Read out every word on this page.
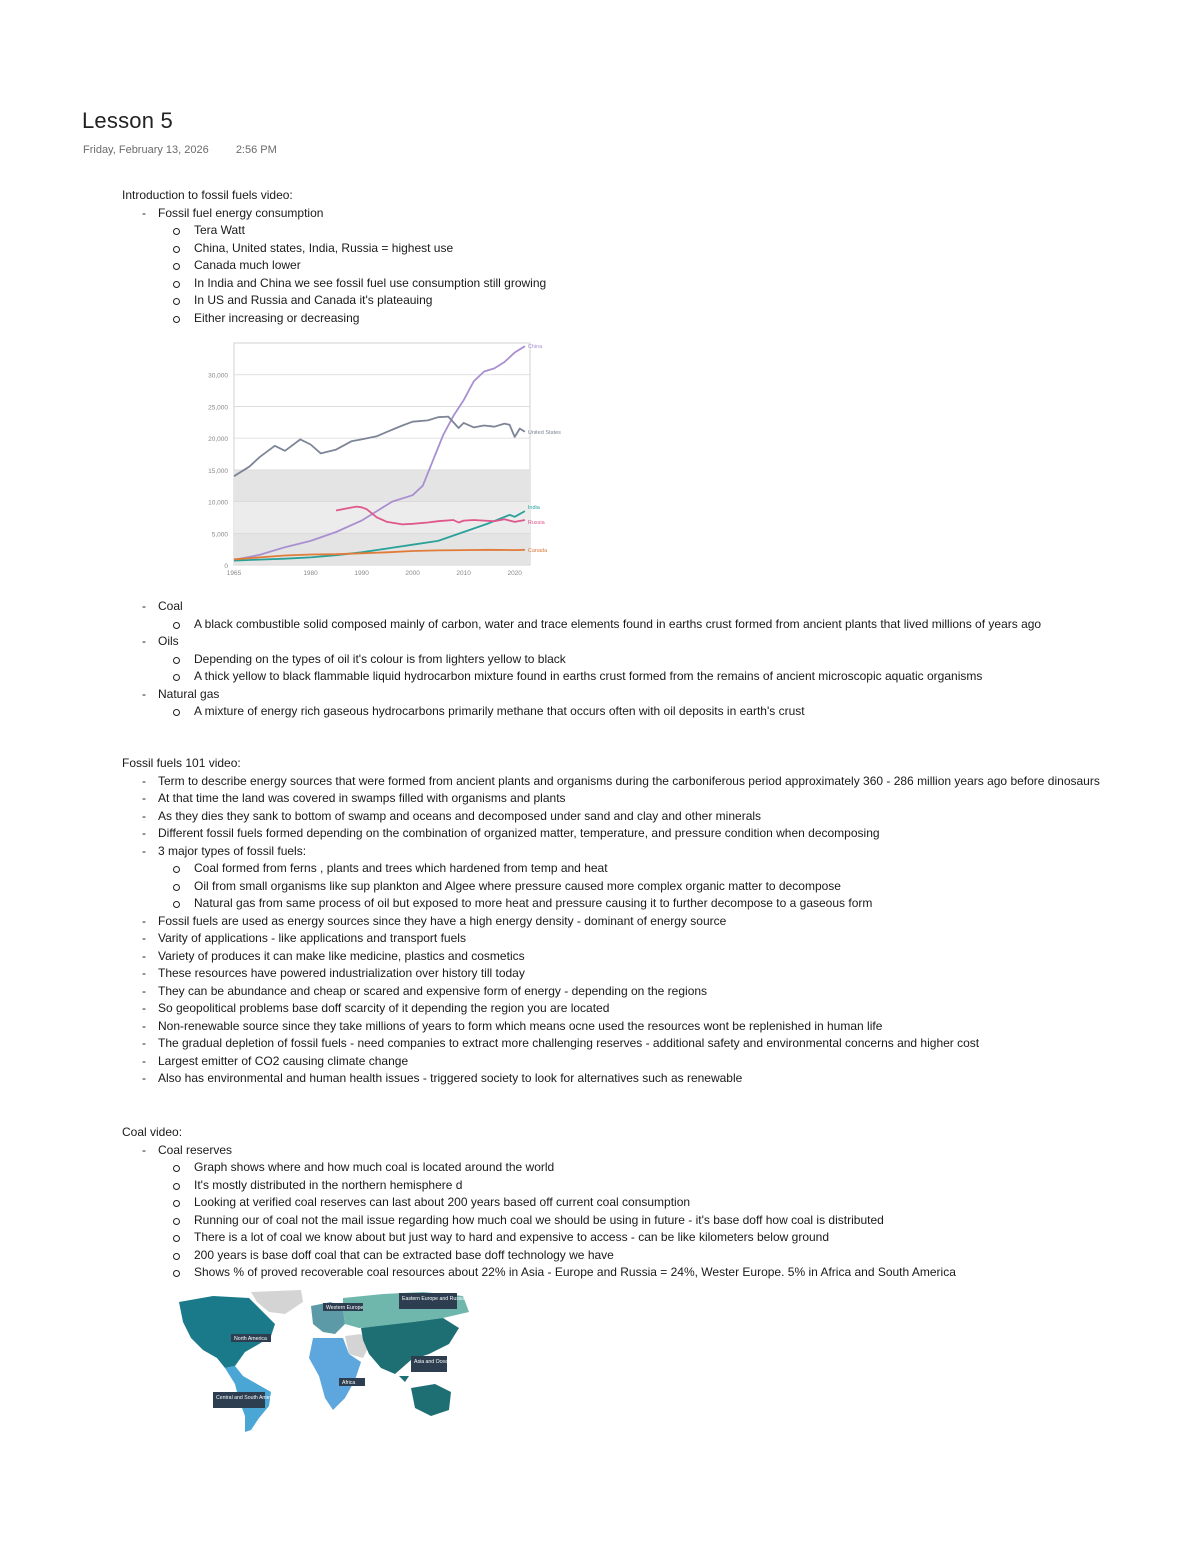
Lesson 5
Friday, February 13, 2026 2:56 PM
Introduction to fossil fuels video:
- Fossil fuel energy consumption
Tera Watt
China, United states, India, Russia = highest use
Canada much lower
In India and China we see fossil fuel use consumption still growing
In US and Russia and Canada it's plateauing
Either increasing or decreasing
0
5,000
10,000
15,000
20,000
25,000
30,000
1965	1980	1990	2000	2010	2020
China
United States
India
Russia
Canada
- Coal
A black combustible solid composed mainly of carbon, water and trace elements found in earths crust formed from ancient plants that lived millions of years ago
- Oils
Depending on the types of oil it's colour is from lighters yellow to black
A thick yellow to black flammable liquid hydrocarbon mixture found in earths crust formed from the remains of ancient microscopic aquatic organisms
- Natural gas
A mixture of energy rich gaseous hydrocarbons primarily methane that occurs often with oil deposits in earth's crust
Fossil fuels 101 video:
- Term to describe energy sources that were formed from ancient plants and organisms during the carboniferous period approximately 360 - 286 million years ago before dinosaurs
- At that time the land was covered in swamps filled with organisms and plants
- As they dies they sank to bottom of swamp and oceans and decomposed under sand and clay and other minerals
- Different fossil fuels formed depending on the combination of organized matter, temperature, and pressure condition when decomposing
- 3 major types of fossil fuels:
Coal formed from ferns , plants and trees which hardened from temp and heat
Oil from small organisms like sup plankton and Algee where pressure caused more complex organic matter to decompose
Natural gas from same process of oil but exposed to more heat and pressure causing it to further decompose to a gaseous form
- Fossil fuels are used as energy sources since they have a high energy density - dominant of energy source
- Varity of applications - like applications and transport fuels
- Variety of produces it can make like medicine, plastics and cosmetics
- These resources have powered industrialization over history till today
- They can be abundance and cheap or scared and expensive form of energy - depending on the regions
- So geopolitical problems base doff scarcity of it depending the region you are located
- Non-renewable source since they take millions of years to form which means ocne used the resources wont be replenished in human life
- The gradual depletion of fossil fuels - need companies to extract more challenging reserves - additional safety and environmental concerns and higher cost
- Largest emitter of CO2 causing climate change
- Also has environmental and human health issues - triggered society to look for alternatives such as renewable
Coal video:
- Coal reserves
Graph shows where and how much coal is located around the world
It's mostly distributed in the northern hemisphere d
Looking at verified coal reserves can last about 200 years based off current coal consumption
Running our of coal not the mail issue regarding how much coal we should be using in future - it's base doff how coal is distributed
There is a lot of coal we know about but just way to hard and expensive to access - can be like kilometers below ground
200 years is base doff coal that can be extracted base doff technology we have
Shows % of proved recoverable coal resources about 22% in Asia - Europe and Russia = 24%, Wester Europe. 5% in Africa and South America
Western Europe
Eastern Europe and Russia
North America
Asia and Oceania
Africa
Central and South America
